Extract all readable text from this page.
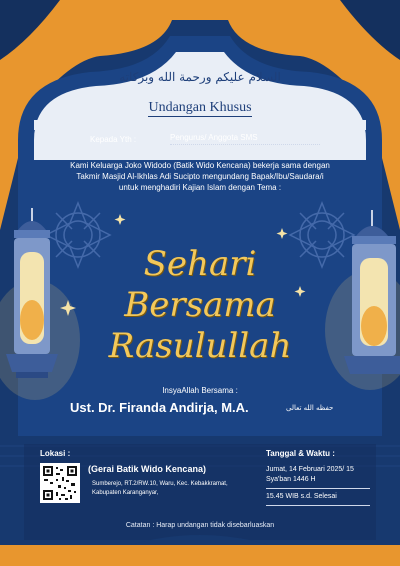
السلام عليكم ورحمة الله وبركاته
Undangan Khusus
Kepada Yth :	Pengurus/ Anggota SMS
Kami Keluarga Joko Widodo (Batik Wido Kencana) bekerja sama dengan Takmir Masjid Al-Ikhlas Adi Sucipto mengundang Bapak/Ibu/Saudara/i untuk menghadiri Kajian Islam dengan Tema :
Sehari
Bersama
Rasulullah
InsyaAllah Bersama :
Ust. Dr. Firanda Andirja, M.A.	حفظه الله تعالى
Lokasi :
(Gerai Batik Wido Kencana)
Sumberejo, RT.2/RW.10, Waru, Kec. Kebakkramat, Kabupaten Karanganyar,
Tanggal & Waktu :
Jumat, 14 Februari 2025/ 15 Sya'ban 1446 H
15.45 WIB s.d. Selesai
Catatan : Harap undangan tidak disebarluaskan
